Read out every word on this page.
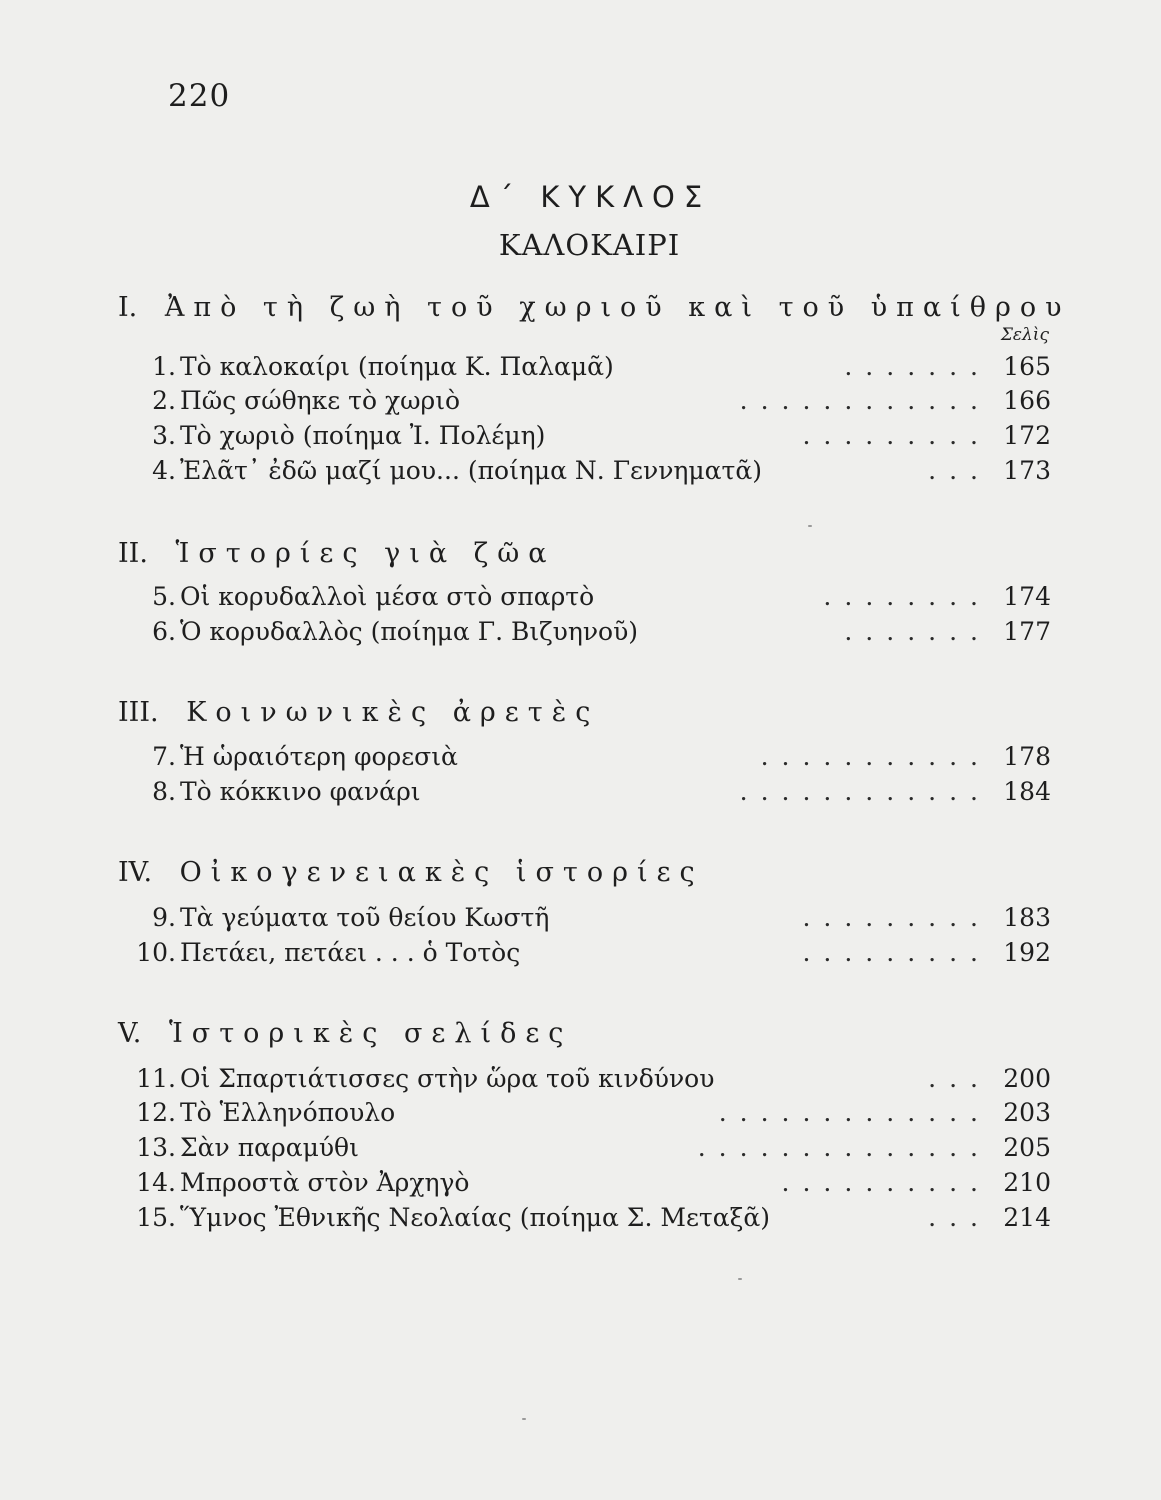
220
Δ΄ ΚΥΚΛΟΣ
ΚΑΛΟΚΑΙΡΙ
I. Ἀπὸ τὴ ζωὴ τοῦ χωριοῦ καὶ τοῦ ὑπαίθρου
Σελὶς
1. Τὸ καλοκαίρι (ποίημα Κ. Παλαμᾶ)	....... 165
2. Πῶς σώθηκε τὸ χωριὸ	............ 166
3. Τὸ χωριὸ (ποίημα Ἰ. Πολέμη)	......... 172
4. Ἐλᾶτ᾿ ἐδῶ μαζί μου... (ποίημα Ν. Γεννηματᾶ)	... 173
II. Ἱστορίες γιὰ ζῶα
5. Οἱ κορυδαλλοὶ μέσα στὸ σπαρτὸ	........ 174
6. Ὁ κορυδαλλὸς (ποίημα Γ. Βιζυηνοῦ)	....... 177
III. Κοινωνικὲς ἀρετὲς
7. Ἡ ὡραιότερη φορεσιὰ	........... 178
8. Τὸ κόκκινο φανάρι	............ 184
IV. Οἰκογενειακὲς ἱστορίες
9. Τὰ γεύματα τοῦ θείου Κωστῆ	......... 183
10. Πετάει, πετάει . . . ὁ Τοτὸς	......... 192
V. Ἱστορικὲς σελίδες
11. Οἱ Σπαρτιάτισσες στὴν ὥρα τοῦ κινδύνου	... 200
12. Τὸ Ἑλληνόπουλο	............. 203
13. Σὰν παραμύθι	.............. 205
14. Μπροστὰ στὸν Ἀρχηγὸ	.......... 210
15. Ὕμνος Ἐθνικῆς Νεολαίας (ποίημα Σ. Μεταξᾶ)	... 214
